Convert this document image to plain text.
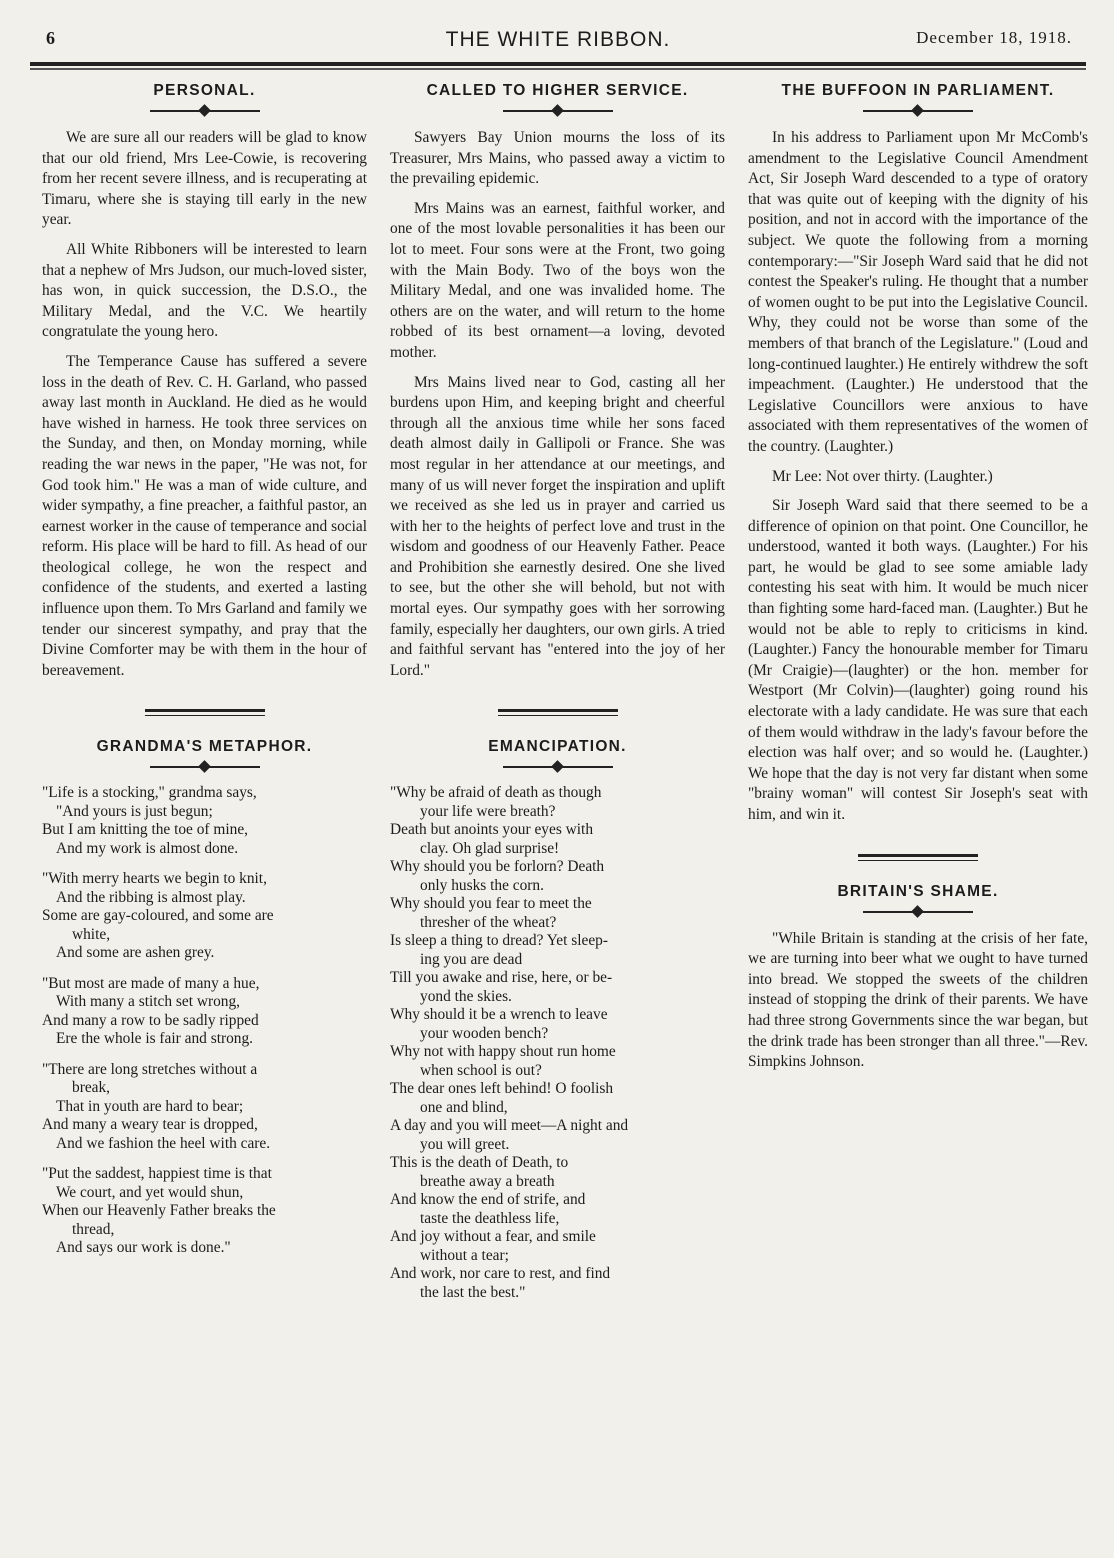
6	THE WHITE RIBBON.	December 18, 1918.
PERSONAL.

We are sure all our readers will be glad to know that our old friend, Mrs Lee-Cowie, is recovering from her recent severe illness, and is recuperating at Timaru, where she is staying till early in the new year.

All White Ribboners will be interested to learn that a nephew of Mrs Judson, our much-loved sister, has won, in quick succession, the D.S.O., the Military Medal, and the V.C. We heartily congratulate the young hero.

The Temperance Cause has suffered a severe loss in the death of Rev. C. H. Garland, who passed away last month in Auckland. He died as he would have wished in harness. He took three services on the Sunday, and then, on Monday morning, while reading the war news in the paper, "He was not, for God took him." He was a man of wide culture, and wider sympathy, a fine preacher, a faithful pastor, an earnest worker in the cause of temperance and social reform. His place will be hard to fill. As head of our theological college, he won the respect and confidence of the students, and exerted a lasting influence upon them. To Mrs Garland and family we tender our sincerest sympathy, and pray that the Divine Comforter may be with them in the hour of bereavement.

GRANDMA'S METAPHOR.
"Life is a stocking," grandma says,
"And yours is just begun;
But I am knitting the toe of mine,
And my work is almost done.
"With merry hearts we begin to knit,
And the ribbing is almost play.
Some are gay-coloured, and some are
white,
And some are ashen grey.
"But most are made of many a hue,
With many a stitch set wrong,
And many a row to be sadly ripped
Ere the whole is fair and strong.
"There are long stretches without a
break,
That in youth are hard to bear;
And many a weary tear is dropped,
And we fashion the heel with care.
"Put the saddest, happiest time is that
We court, and yet would shun,
When our Heavenly Father breaks the
thread,
And says our work is done."
CALLED TO HIGHER SERVICE.

Sawyers Bay Union mourns the loss of its Treasurer, Mrs Mains, who passed away a victim to the prevailing epidemic.

Mrs Mains was an earnest, faithful worker, and one of the most lovable personalities it has been our lot to meet. Four sons were at the Front, two going with the Main Body. Two of the boys won the Military Medal, and one was invalided home. The others are on the water, and will return to the home robbed of its best ornament—a loving, devoted mother.

Mrs Mains lived near to God, casting all her burdens upon Him, and keeping bright and cheerful through all the anxious time while her sons faced death almost daily in Gallipoli or France. She was most regular in her attendance at our meetings, and many of us will never forget the inspiration and uplift we received as she led us in prayer and carried us with her to the heights of perfect love and trust in the wisdom and goodness of our Heavenly Father. Peace and Prohibition she earnestly desired. One she lived to see, but the other she will behold, but not with mortal eyes. Our sympathy goes with her sorrowing family, especially her daughters, our own girls. A tried and faithful servant has "entered into the joy of her Lord."

EMANCIPATION.
"Why be afraid of death as though
your life were breath?
Death but anoints your eyes with
clay. Oh glad surprise!
Why should you be forlorn? Death
only husks the corn.
Why should you fear to meet the
thresher of the wheat?
Is sleep a thing to dread? Yet sleep-
ing you are dead
Till you awake and rise, here, or be-
yond the skies.
Why should it be a wrench to leave
your wooden bench?
Why not with happy shout run home
when school is out?
The dear ones left behind! O foolish
one and blind,
A day and you will meet—A night and
you will greet.
This is the death of Death, to
breathe away a breath
And know the end of strife, and
taste the deathless life,
And joy without a fear, and smile
without a tear;
And work, nor care to rest, and find
the last the best."
THE BUFFOON IN PARLIAMENT.

In his address to Parliament upon Mr McComb's amendment to the Legislative Council Amendment Act, Sir Joseph Ward descended to a type of oratory that was quite out of keeping with the dignity of his position, and not in accord with the importance of the subject. We quote the following from a morning contemporary:—"Sir Joseph Ward said that he did not contest the Speaker's ruling. He thought that a number of women ought to be put into the Legislative Council. Why, they could not be worse than some of the members of that branch of the Legislature." (Loud and long-continued laughter.) He entirely withdrew the soft impeachment. (Laughter.) He understood that the Legislative Councillors were anxious to have associated with them representatives of the women of the country. (Laughter.)

Mr Lee: Not over thirty. (Laughter.)

Sir Joseph Ward said that there seemed to be a difference of opinion on that point. One Councillor, he understood, wanted it both ways. (Laughter.) For his part, he would be glad to see some amiable lady contesting his seat with him. It would be much nicer than fighting some hard-faced man. (Laughter.) But he would not be able to reply to criticisms in kind. (Laughter.) Fancy the honourable member for Timaru (Mr Craigie)—(laughter) or the hon. member for Westport (Mr Colvin)—(laughter) going round his electorate with a lady candidate. He was sure that each of them would withdraw in the lady's favour before the election was half over; and so would he. (Laughter.) We hope that the day is not very far distant when some "brainy woman" will contest Sir Joseph's seat with him, and win it.

BRITAIN'S SHAME.

"While Britain is standing at the crisis of her fate, we are turning into beer what we ought to have turned into bread. We stopped the sweets of the children instead of stopping the drink of their parents. We have had three strong Governments since the war began, but the drink trade has been stronger than all three."—Rev. Simpkins Johnson.
